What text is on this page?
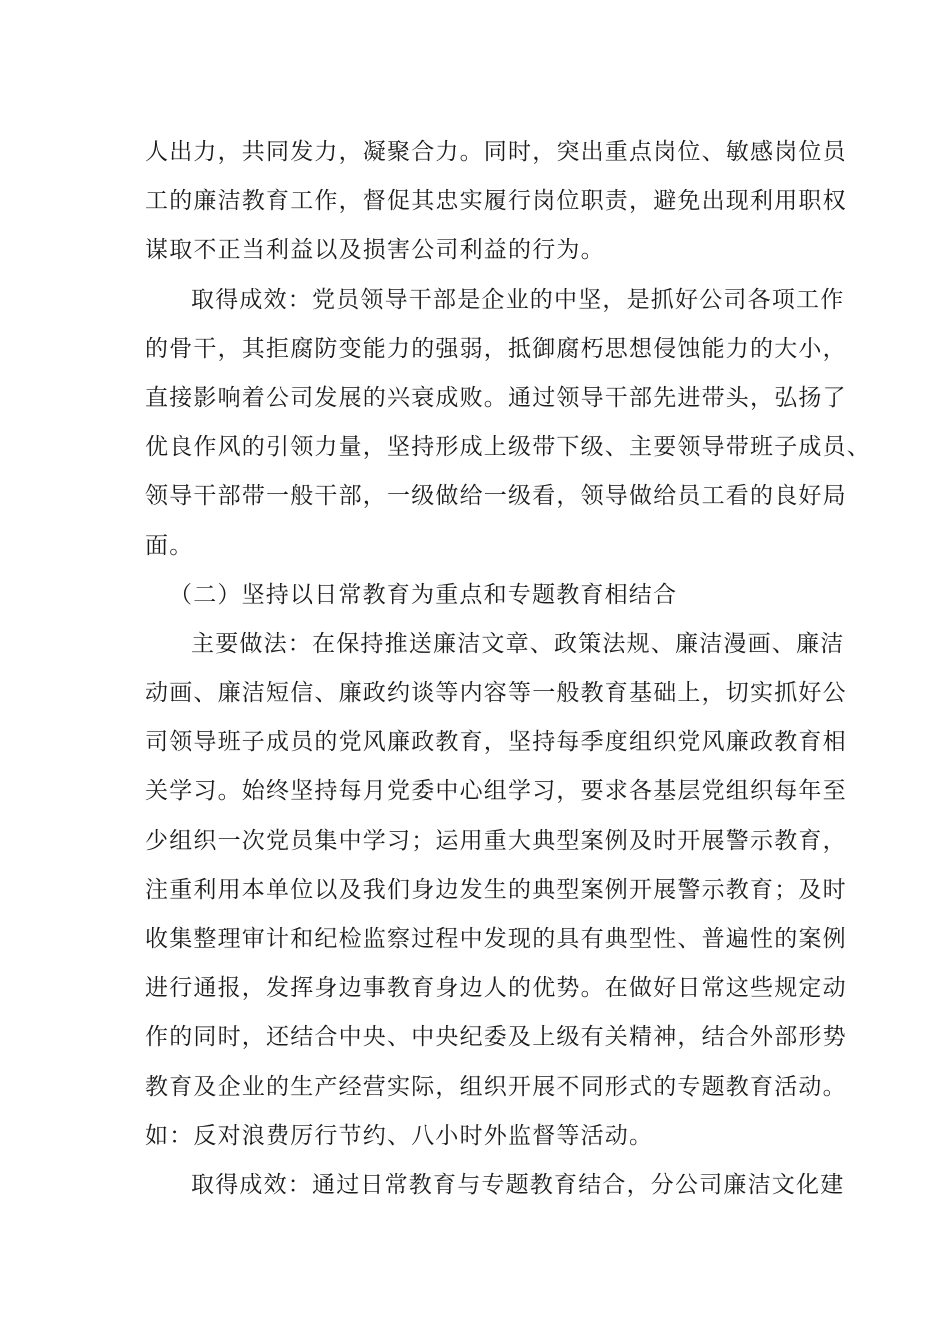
人出力，共同发力，凝聚合力。同时，突出重点岗位、敏感岗位员
工的廉洁教育工作，督促其忠实履行岗位职责，避免出现利用职权
谋取不正当利益以及损害公司利益的行为。
取得成效：党员领导干部是企业的中坚，是抓好公司各项工作
的骨干，其拒腐防变能力的强弱，抵御腐朽思想侵蚀能力的大小，
直接影响着公司发展的兴衰成败。通过领导干部先进带头，弘扬了
优良作风的引领力量，坚持形成上级带下级、主要领导带班子成员、
领导干部带一般干部，一级做给一级看，领导做给员工看的良好局
面。
（二）坚持以日常教育为重点和专题教育相结合
主要做法：在保持推送廉洁文章、政策法规、廉洁漫画、廉洁
动画、廉洁短信、廉政约谈等内容等一般教育基础上，切实抓好公
司领导班子成员的党风廉政教育，坚持每季度组织党风廉政教育相
关学习。始终坚持每月党委中心组学习，要求各基层党组织每年至
少组织一次党员集中学习；运用重大典型案例及时开展警示教育，
注重利用本单位以及我们身边发生的典型案例开展警示教育；及时
收集整理审计和纪检监察过程中发现的具有典型性、普遍性的案例
进行通报，发挥身边事教育身边人的优势。在做好日常这些规定动
作的同时，还结合中央、中央纪委及上级有关精神，结合外部形势
教育及企业的生产经营实际，组织开展不同形式的专题教育活动。
如：反对浪费厉行节约、八小时外监督等活动。
取得成效：通过日常教育与专题教育结合，分公司廉洁文化建
